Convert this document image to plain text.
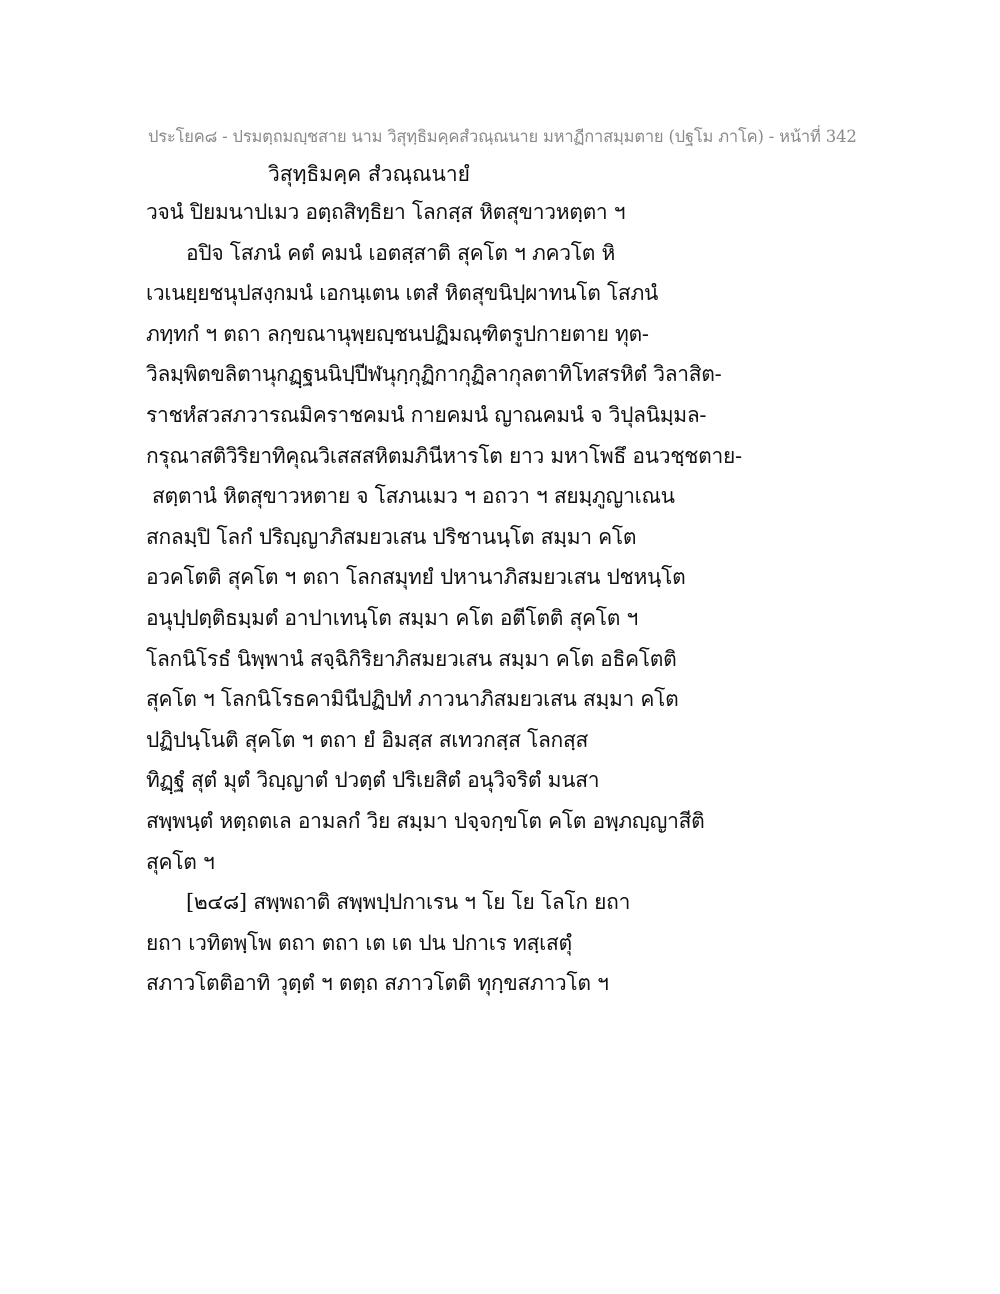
ประโยค๘ - ปรมตฺถมญฺชสาย นาม วิสุทฺธิมคฺคสํวณฺณนาย มหาฏีกาสมฺมตาย (ปฐโม ภาโค) - หน้าที่ 342
วิสุทฺธิมคฺค สํวณฺณนายํ
วจนํ ปิยมนาปเมว อตฺถสิทฺธิยา โลกสฺส หิตสุขาวหตฺตา ฯ
อปิจ โสภนํ คตํ คมนํ เอตสฺสาติ สุคโต ฯ ภควโต หิ
เวเนยฺยชนุปสงฺกมนํ เอกนฺเตน เตสํ หิตสุขนิปฺผาทนโต โสภนํ
ภทฺทกํ ฯ ตถา ลกฺขณานุพฺยญฺชนปฏิมณฺฑิตรูปกายตาย ทุต-
วิลมฺพิตขลิตานุกฏฺฐนนิปฺปีฬนุกฺกุฏิกากุฏิลากุลตาทิโทสรหิตํ วิลาสิต-
ราชหํสวสภวารณมิคราชคมนํ กายคมนํ ญาณคมนํ จ วิปุลนิมฺมล-
กรุณาสติวิริยาทิคุณวิเสสสหิตมภินีหารโต ยาว มหาโพธึ อนวชฺชตาย-
สตฺตานํ หิตสุขาวหตาย จ โสภนเมว ฯ อถวา ฯ สยมฺภูญาเณน
สกลมฺปิ โลกํ ปริญฺญาภิสมยวเสน ปริชานนฺโต สมฺมา คโต
อวคโตติ สุคโต ฯ ตถา โลกสมุทยํ ปหานาภิสมยวเสน ปชหนฺโต
อนุปฺปตฺติธมฺมตํ อาปาเทนฺโต สมฺมา คโต อตีโตติ สุคโต ฯ
โลกนิโรธํ นิพฺพานํ สจฺฉิกิริยาภิสมยวเสน สมฺมา คโต อธิคโตติ
สุคโต ฯ โลกนิโรธคามินีปฏิปทํ ภาวนาภิสมยวเสน สมฺมา คโต
ปฏิปนฺโนติ สุคโต ฯ ตถา ยํ อิมสฺส สเทวกสฺส โลกสฺส
ทิฏฺฐํ สุตํ มุตํ วิญฺญาตํ ปวตฺตํ ปริเยสิตํ อนุวิจริตํ มนสา
สพฺพนฺตํ หตฺถตเล อามลกํ วิย สมฺมา ปจฺจกฺขโต คโต อพฺภญฺญาสีติ
สุคโต ฯ
[๒๔๘] สพฺพถาติ สพฺพปฺปกาเรน ฯ โย โย โลโก ยถา
ยถา เวทิตพฺโพ ตถา ตถา เต เต ปน ปกาเร ทสฺเสตุํ
สภาวโตติอาทิ วุตฺตํ ฯ ตตฺถ สภาวโตติ ทุกฺขสภาวโต ฯ
